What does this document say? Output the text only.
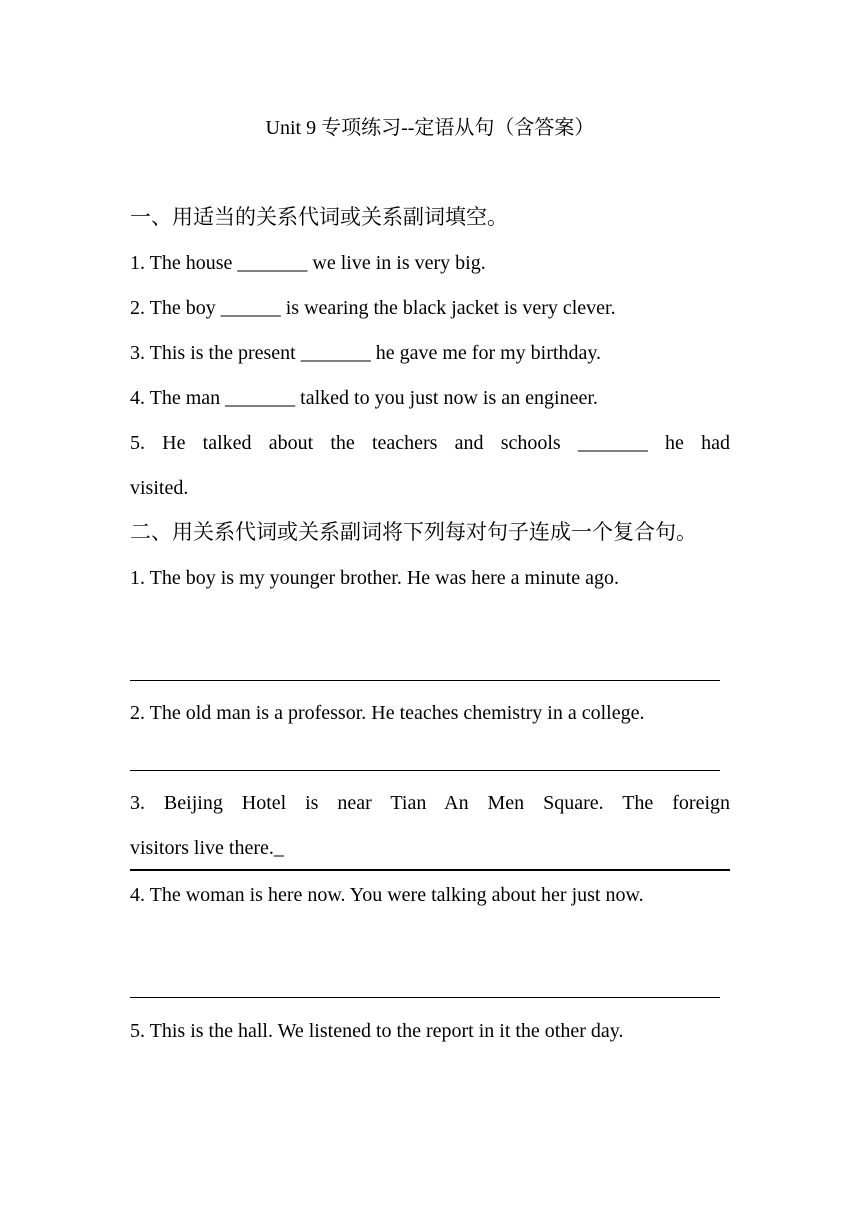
Unit 9 专项练习--定语从句（含答案）
一、用适当的关系代词或关系副词填空。
1. The house _______ we live in is very big.
2. The boy ______ is wearing the black jacket is very clever.
3. This is the present _______ he gave me for my birthday.
4. The man _______ talked to you just now is an engineer.
5. He talked about the teachers and schools _______ he had
visited.
二、用关系代词或关系副词将下列每对句子连成一个复合句。
1. The boy is my younger brother. He was here a minute ago.
2. The old man is a professor. He teaches chemistry in a college.
3. Beijing Hotel is near Tian An Men Square. The foreign
visitors live there._
4. The woman is here now. You were talking about her just now.
5. This is the hall. We listened to the report in it the other day.
